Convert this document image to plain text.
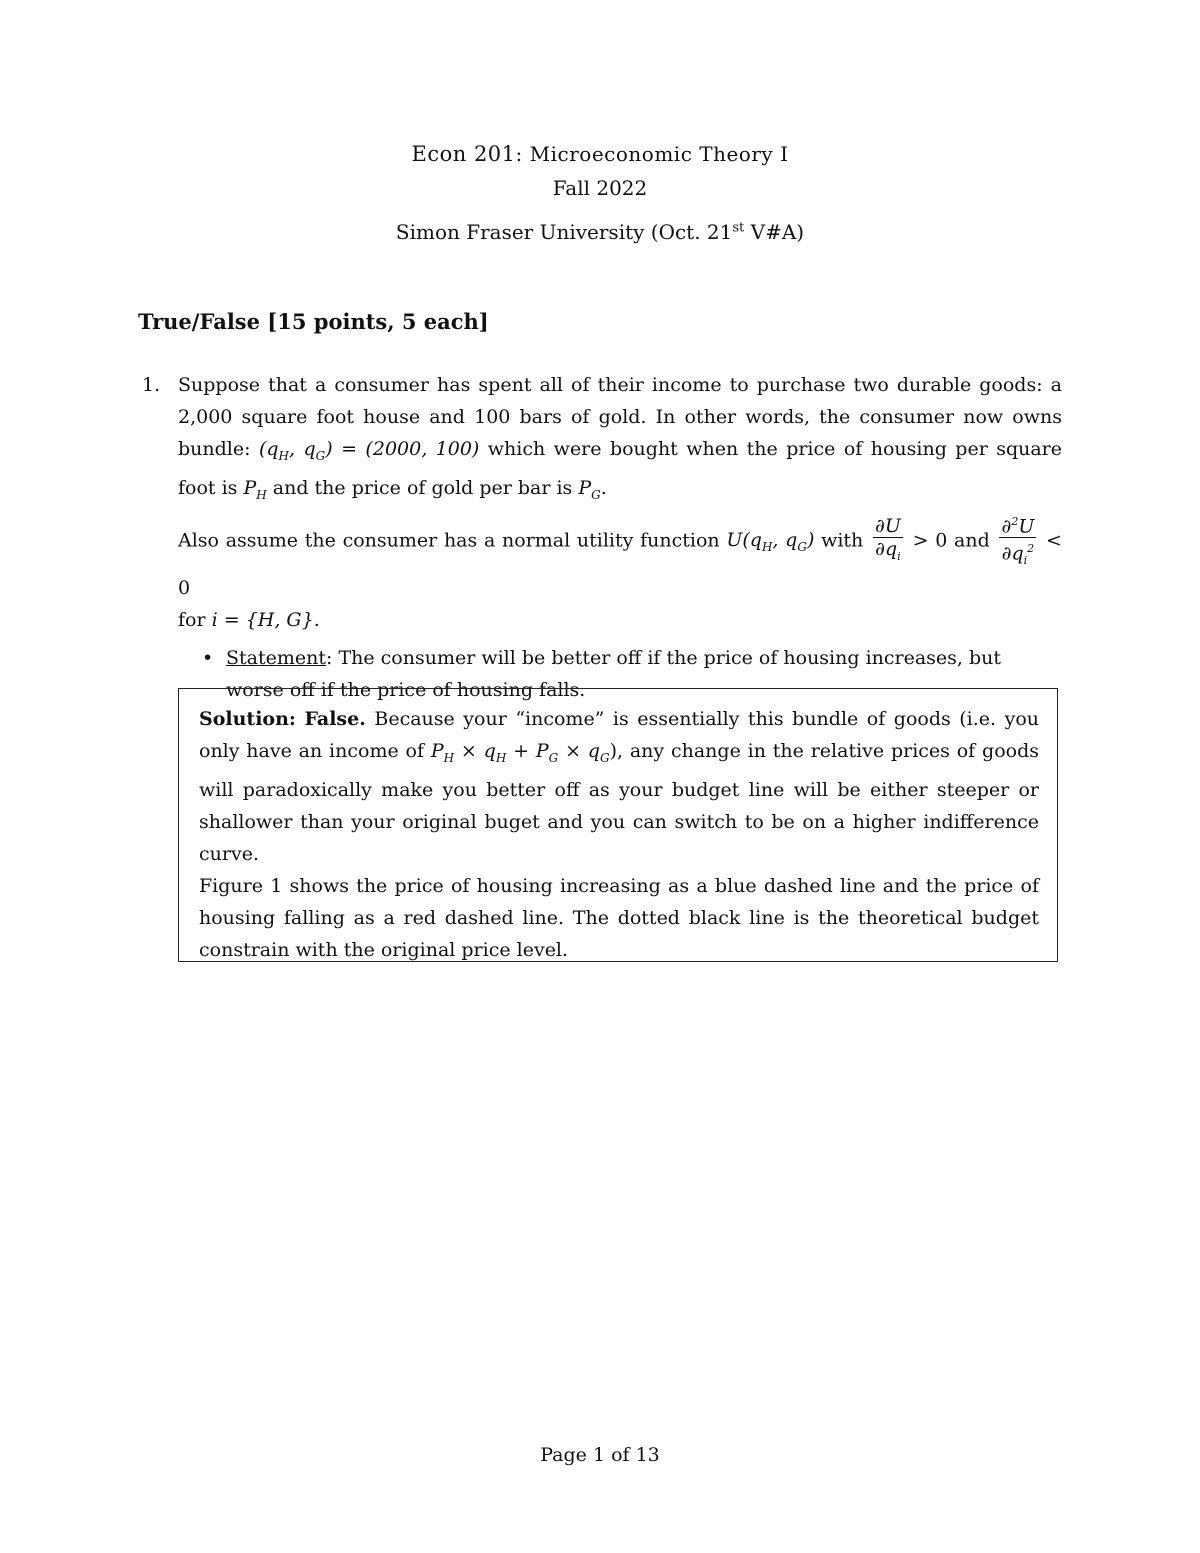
Econ 201: Microeconomic Theory I
Fall 2022
Simon Fraser University (Oct. 21st V#A)
True/False [15 points, 5 each]
1. Suppose that a consumer has spent all of their income to purchase two durable goods: a 2,000 square foot house and 100 bars of gold. In other words, the consumer now owns bundle: ($q_H$, $q_G) = (2000$, 100) which were bought when the price of housing per square foot is $P_H$ and the price of gold per bar is $P_G$.
Also assume the consumer has a normal utility function $U(q_H$, $q_G$) with $\frac{\partial U}{\partial q_i} > 0$ and $\frac{\partial^2U}{\partial q_i^2} < 0$
for i = {H, G}.
• Statement: The consumer will be better off if the price of housing increases, but worse off if the price of housing falls.
Solution: False. Because your “income” is essentially this bundle of goods (i.e. you only have an income of $P_H \times q_H + P_G \times q_G$), any change in the relative prices of goods will paradoxically make you better off as your budget line will be either steeper or shallower than your original buget and you can switch to be on a higher indifference curve.
Figure 1 shows the price of housing increasing as a blue dashed line and the price of housing falling as a red dashed line. The dotted black line is the theoretical budget constrain with the original price level.
Page 1 of 13
